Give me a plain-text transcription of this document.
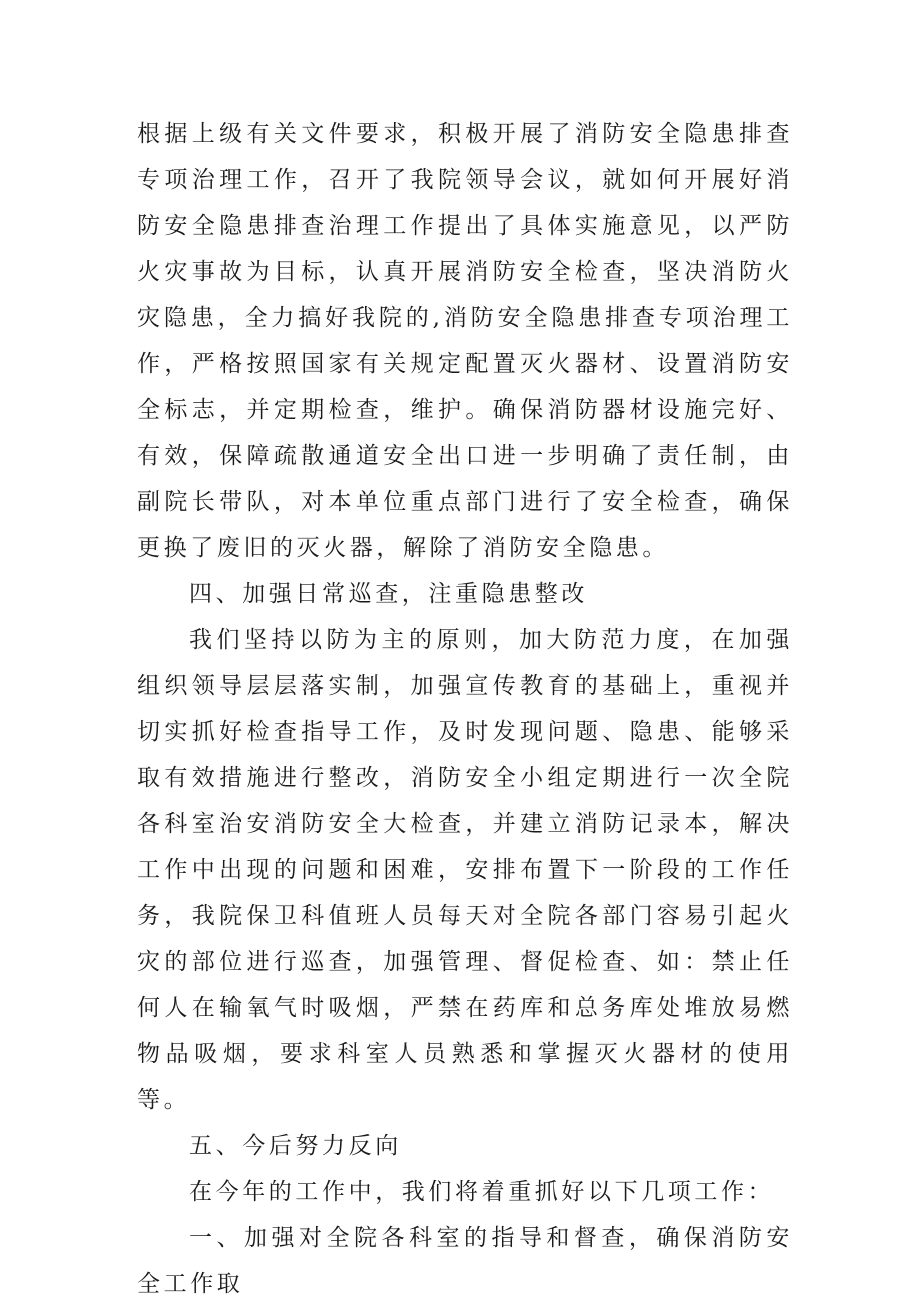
根据上级有关文件要求，积极开展了消防安全隐患排查专项治理工作，召开了我院领导会议，就如何开展好消防安全隐患排查治理工作提出了具体实施意见，以严防火灾事故为目标，认真开展消防安全检查，坚决消防火灾隐患，全力搞好我院的,消防安全隐患排查专项治理工作，严格按照国家有关规定配置灭火器材、设置消防安全标志，并定期检查，维护。确保消防器材设施完好、有效，保障疏散通道安全出口进一步明确了责任制，由副院长带队，对本单位重点部门进行了安全检查，确保更换了废旧的灭火器，解除了消防安全隐患。

四、加强日常巡查，注重隐患整改

我们坚持以防为主的原则，加大防范力度，在加强组织领导层层落实制，加强宣传教育的基础上，重视并切实抓好检查指导工作，及时发现问题、隐患、能够采取有效措施进行整改，消防安全小组定期进行一次全院各科室治安消防安全大检查，并建立消防记录本，解决工作中出现的问题和困难，安排布置下一阶段的工作任务，我院保卫科值班人员每天对全院各部门容易引起火灾的部位进行巡查，加强管理、督促检查、如：禁止任何人在输氧气时吸烟，严禁在药库和总务库处堆放易燃物品吸烟，要求科室人员熟悉和掌握灭火器材的使用等。

五、今后努力反向

在今年的工作中，我们将着重抓好以下几项工作：

一、加强对全院各科室的指导和督查，确保消防安全工作取
